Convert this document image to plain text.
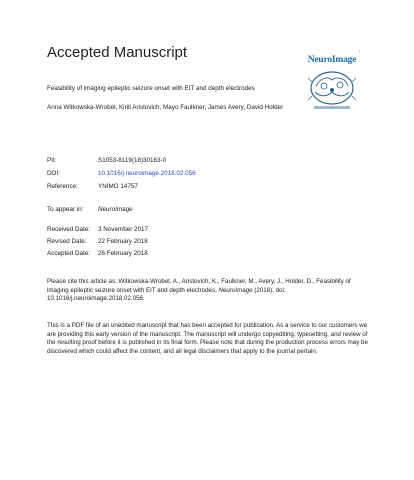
Accepted Manuscript	▪
NeuroImage
Feasibility of imaging epileptic seizure onset with EIT and depth electrodes
Anna Witkowska-Wrobel, Kirill Aristovich, Mayo Faulkner, James Avery, David Holder
PII:	S1053-8119(18)30163-0
DOI:	10.1016/j.neuroimage.2018.02.056
Reference:	YNIMG 14757
To appear in: NeuroImage
Received Date: 3 November 2017
Revised Date: 22 February 2018
Accepted Date: 26 February 2018
Please cite this article as: Witkowska-Wrobel, A., Aristovich, K., Faulkner, M., Avery, J., Holder, D., Feasibility of imaging epileptic seizure onset with EIT and depth electrodes, NeuroImage (2018), doi: 10.1016/j.neuroimage.2018.02.056.
This is a PDF file of an unedited manuscript that has been accepted for publication. As a service to our customers we are providing this early version of the manuscript. The manuscript will undergo copyediting, typesetting, and review of the resulting proof before it is published in its final form. Please note that during the production process errors may be discovered which could affect the content, and all legal disclaimers that apply to the journal pertain.
